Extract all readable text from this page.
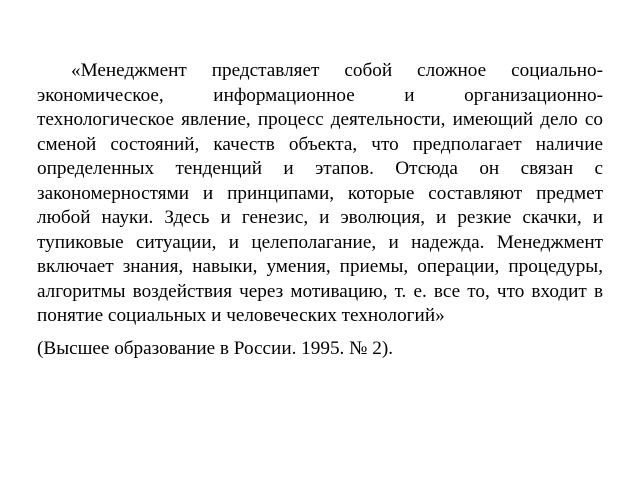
«Менеджмент представляет собой сложное социально-экономическое, информационное и организационно-технологическое явление, процесс деятельности, имеющий дело со сменой состояний, качеств объекта, что предполагает наличие определенных тенденций и этапов. Отсюда он связан с закономерностями и принципами, которые составляют предмет любой науки. Здесь и генезис, и эволюция, и резкие скачки, и тупиковые ситуации, и целеполагание, и надежда. Менеджмент включает знания, навыки, умения, приемы, операции, процедуры, алгоритмы воздействия через мотивацию, т. е. все то, что входит в понятие социальных и человеческих технологий»

(Высшее образование в России. 1995. № 2).
